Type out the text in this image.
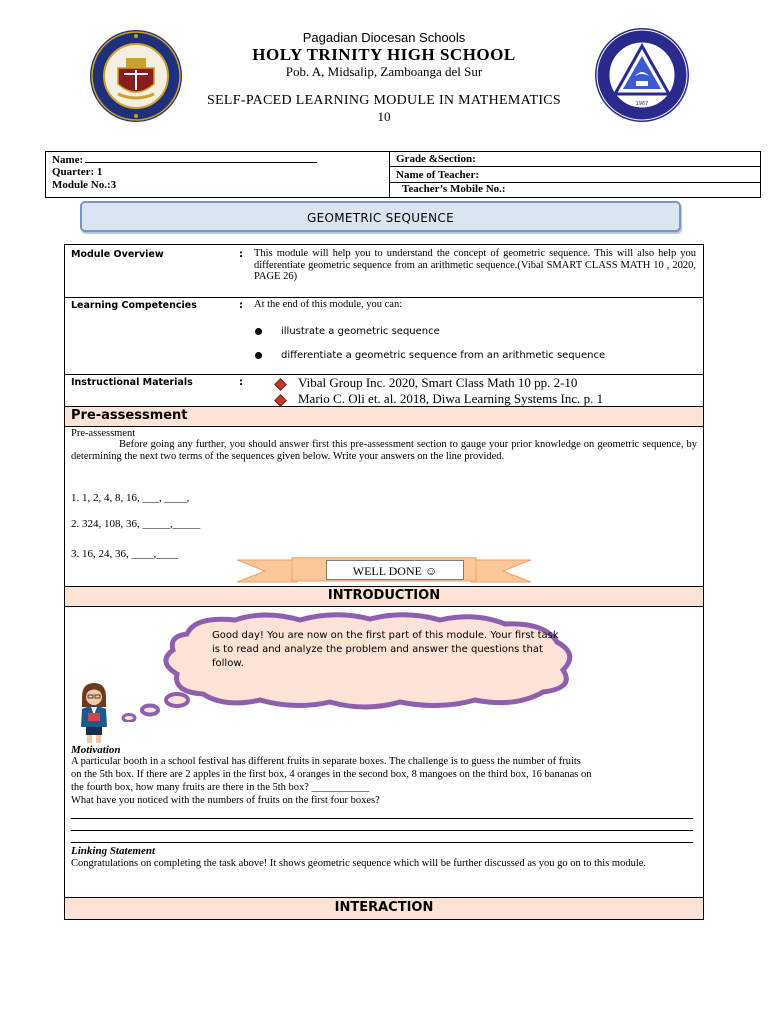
1967
Pagadian Diocesan Schools
HOLY TRINITY HIGH SCHOOL
Pob. A, Midsalip, Zamboanga del Sur
SELF-PACED LEARNING MODULE IN MATHEMATICS
10
Name:
Quarter: 1
Module No.:3
Grade &Section:
Name of Teacher:
Teacher’s Mobile No.:
GEOMETRIC SEQUENCE
Module Overview	: This module will help you to understand the concept of geometric sequence. This will also help you differentiate geometric sequence from an arithmetic sequence.(Vibal SMART CLASS MATH 10 , 2020, PAGE 26)
Learning Competencies	: At the end of this module, you can:
illustrate a geometric sequence
differentiate a geometric sequence from an arithmetic sequence
Instructional Materials	:	Vibal Group Inc. 2020, Smart Class Math 10 pp. 2-10
Mario C. Oli et. al. 2018, Diwa Learning Systems Inc. p. 1
Pre-assessment
Pre-assessment
Before going any further, you should answer first this pre-assessment section to gauge your prior knowledge on geometric sequence, by determining the next two terms of the sequences given below. Write your answers on the line provided.
1. 1, 2, 4, 8, 16, ___, ____,
2. 324, 108, 36, _____,_____
3. 16, 24, 36, ____,____
WELL DONE ☺
INTRODUCTION
Good day! You are now on the first part of this module. Your first task is to read and analyze the problem and answer the questions that follow.
Motivation
A particular booth in a school festival has different fruits in separate boxes. The challenge is to guess the number of fruits
on the 5th box. If there are 2 apples in the first box, 4 oranges in the second box, 8 mangoes on the third box, 16 bananas on
the fourth box, how many fruits are there in the 5th box? ___________
What have you noticed with the numbers of fruits on the first four boxes?
Linking Statement
Congratulations on completing the task above! It shows geometric sequence which will be further discussed as you go on to this module.
INTERACTION
